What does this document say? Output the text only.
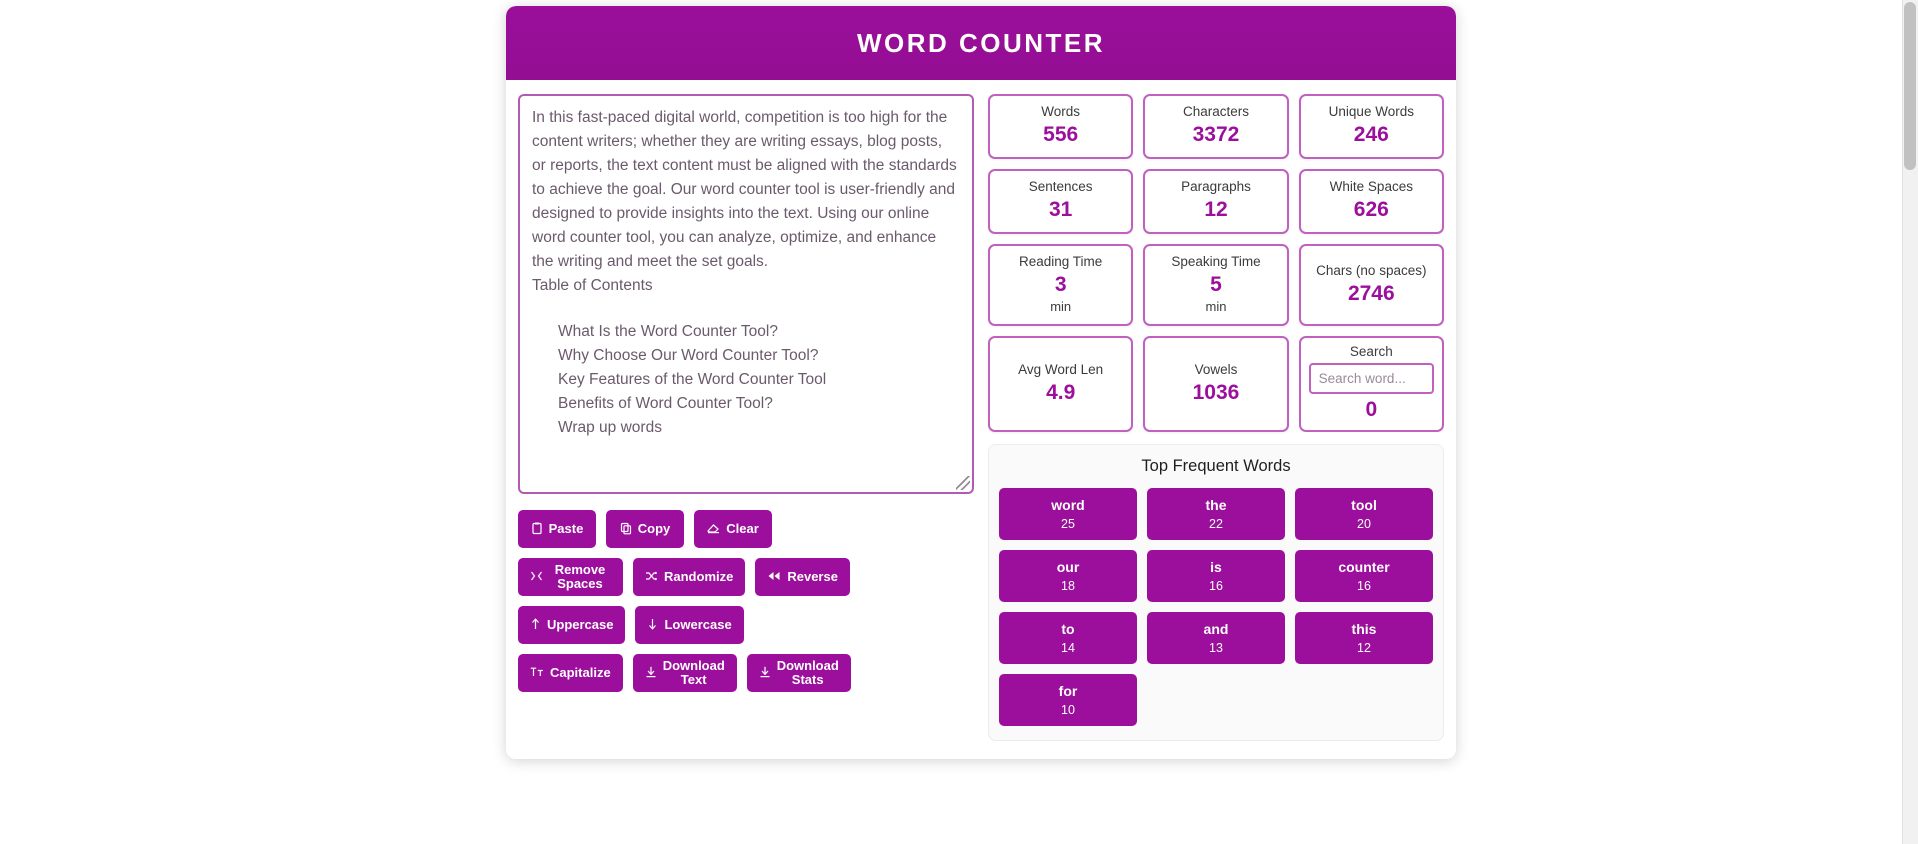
WORD COUNTER

In this fast-paced digital world, competition is too high for the content writers; whether they are writing essays, blog posts, or reports, the text content must be aligned with the standards to achieve the goal. Our word counter tool is user-friendly and designed to provide insights into the text. Using our online word counter tool, you can analyze, optimize, and enhance the writing and meet the set goals.

Table of Contents
What Is the Word Counter Tool?
Why Choose Our Word Counter Tool?
Key Features of the Word Counter Tool
Benefits of Word Counter Tool?
Wrap up words
Paste	Copy	Clear
Remove Spaces	Randomize	Reverse
Uppercase	Lowercase
Capitalize	Download Text
Download Stats
Words
556
Characters
3372
Unique Words
246
Sentences
31
Paragraphs
12
White Spaces
626
Reading Time
3
min
Speaking Time
5
min
Chars (no spaces)
2746
Avg Word Len
4.9
Vowels
1036
Search
Search word...
0
Top Frequent Words
word
25
the
22
tool
20
our
18
is
16
counter
16
to
14
and
13
this
12
for
10
